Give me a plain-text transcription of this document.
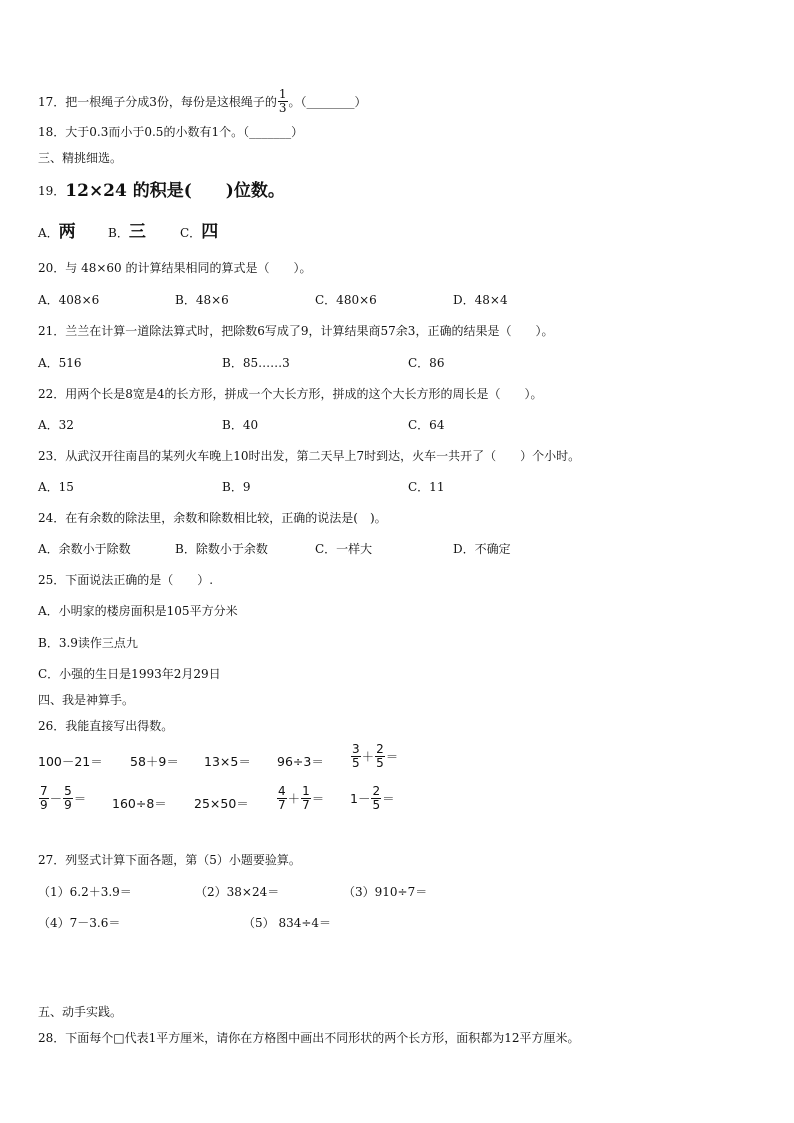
17．把一根绳子分成3份，每份是这根绳子的 $\frac{1}{3}$ 。（________）
18．大于0.3而小于0.5的小数有1个。（_______）
三、精挑细选。
19． 12×24 的积是(　　)位数。
A．两	B．三	C．四
20．与 48×60 的计算结果相同的算式是（　　）。
A．408×6	B．48×6	C．480×6	D．48×4
21．兰兰在计算一道除法算式时，把除数6写成了9，计算结果商57余3，正确的结果是（　　）。
A．516	B．85……3	C．86
22．用两个长是8宽是4的长方形，拼成一个大长方形，拼成的这个大长方形的周长是（　　）。
A．32	B．40	C．64
23．从武汉开往南昌的某列火车晚上10时出发，第二天早上7时到达，火车一共开了（　　）个小时。
A．15	B．9	C．11
24．在有余数的除法里，余数和除数相比较，正确的说法是(　)。
A．余数小于除数	B．除数小于余数	C．一样大	D．不确定
25．下面说法正确的是（　　）.
A．小明家的楼房面积是105平方分米
B．3.9读作三点九
C．小强的生日是1993年2月29日
四、我是神算手。
26．我能直接写出得数。
$100-21= 58+9= 13\times 5= 96\div 3= \frac{3}{5} + \frac{2}{5}$ ＝
$\frac{7}{9} - \frac{5}{9} = 160\div 8= 25\times 50= \frac{4}{7} + \frac{1}{7} = 1- \frac{2}{5}$ ＝
27．列竖式计算下面各题，第（5）小题要验算。
（1）6.2＋3.9＝	（2）38×24＝	（3）910÷7＝
（4）7－3.6＝	（5） 834÷4＝
五、动手实践。
28．下面每个□代表1平方厘米，请你在方格图中画出不同形状的两个长方形，面积都为12平方厘米。
